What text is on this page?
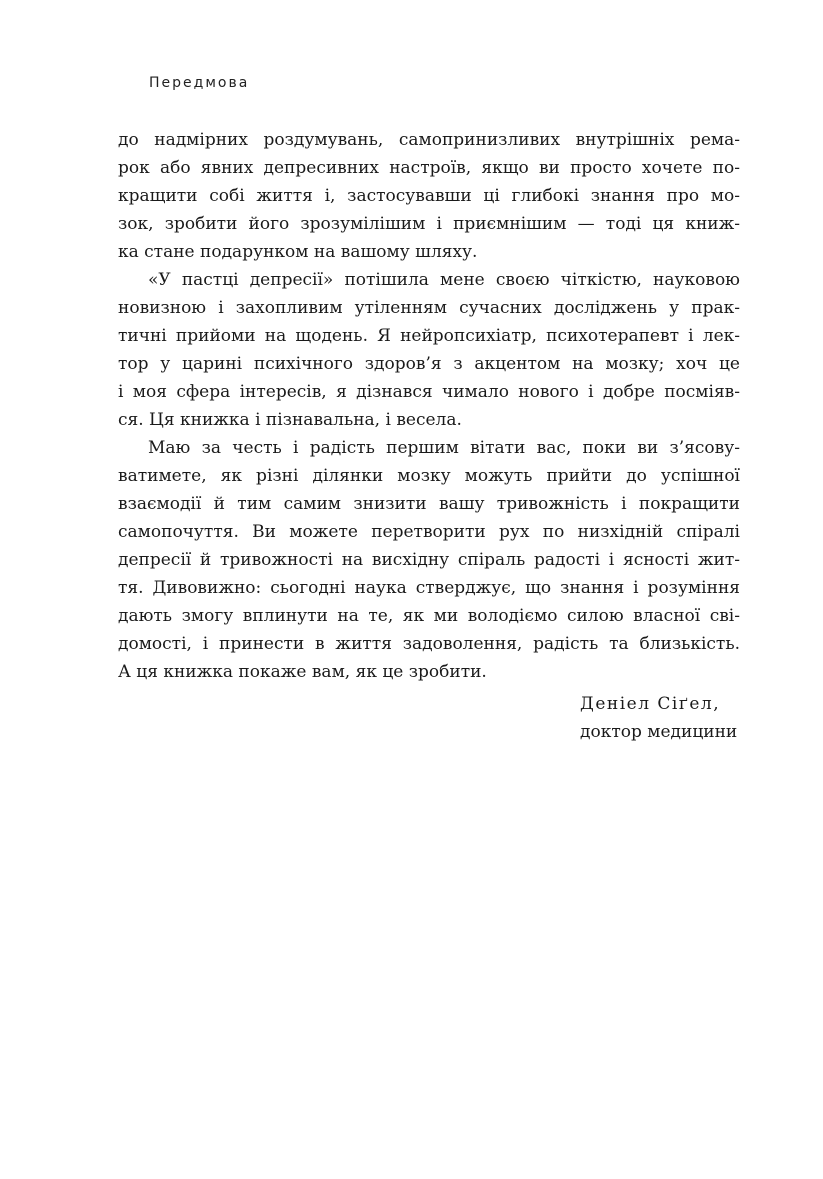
Передмова
до надмірних роздумувань, самопринизливих внутрішніх рема-
рок або явних депресивних настроїв, якщо ви просто хочете по-
кращити собі життя і, застосувавши ці глибокі знання про мо-
зок, зробити його зрозумілішим і приємнішим — тоді ця книж-
ка стане подарунком на вашому шляху.
«У пастці депресії» потішила мене своєю чіткістю, науковою
новизною і захопливим утіленням сучасних досліджень у прак-
тичні прийоми на щодень. Я нейропсихіатр, психотерапевт і лек-
тор у царині психічного здоров’я з акцентом на мозку; хоч це
і моя сфера інтересів, я дізнався чимало нового і добре посміяв-
ся. Ця книжка і пізнавальна, і весела.
Маю за честь і радість першим вітати вас, поки ви з’ясову-
ватимете, як різні ділянки мозку можуть прийти до успішної
взаємодії й тим самим знизити вашу тривожність і покращити
самопочуття. Ви можете перетворити рух по низхідній спіралі
депресії й тривожності на висхідну спіраль радості і ясності жит-
тя. Дивовижно: сьогодні наука стверджує, що знання і розуміння
дають змогу вплинути на те, як ми володіємо силою власної сві-
домості, і принести в життя задоволення, радість та близькість.
А ця книжка покаже вам, як це зробити.
Деніел Сіґел,
доктор медицини
